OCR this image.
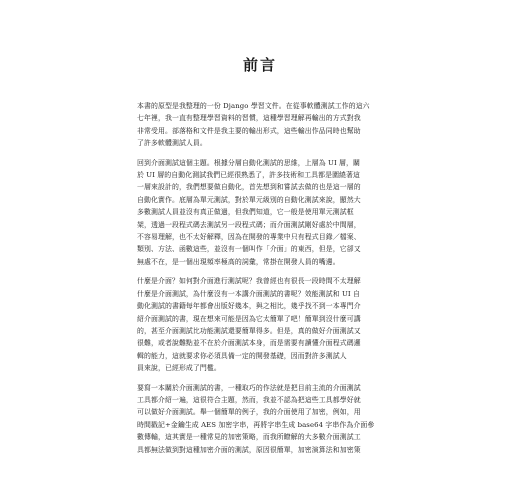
前言

本書的原型是我整理的一份 Django 學習文件。在從事軟體測試工作的這六
七年裡，我一直有整理學習資料的習慣，這種學習理解再輸出的方式對我
非常受用。部落格和文件是我主要的輸出形式，這些輸出作品同時也幫助
了許多軟體測試人員。

回到介面測試這個主題。根據分層自動化測試的思維，上層為 UI 層，關
於 UI 層的自動化測試我們已經很熟悉了，許多技術和工具都是圍繞著這
一層來設計的，我們想要做自動化，首先想到和嘗試去做的也是這一層的
自動化實作。底層為單元測試，對於單元級別的自動化測試來說，顯然大
多數測試人員並沒有真正做過，但我們知道，它一般是使用單元測試框
架，透過一段程式碼去測試另一段程式碼；而介面測試剛好處於中間層，
不容易理解，也不太好解釋，因為在開發的專業中只有程式目錄／檔案、
類別、方法、函數這些，並沒有一個叫作「介面」的東西，但是，它卻又
無處不在，是一個出現頻率極高的詞彙，常掛在開發人員的嘴邊。

什麼是介面？如何對介面進行測試呢？我曾經也有很長一段時間不太理解
什麼是介面測試，為什麼沒有一本講介面測試的書呢？效能測試和 UI 自
動化測試的書籍每年都會出版好幾本，與之相比，幾乎找不到一本專門介
紹介面測試的書，現在想來可能是因為它太簡單了吧！簡單到沒什麼可講
的，甚至介面測試比功能測試還要簡單得多。但是，真的做好介面測試又
很難，或者說難點並不在於介面測試本身，而是需要有讀懂介面程式碼邏
輯的能力，這就要求你必須具備一定的開發基礎，因而對許多測試人
員來說，已經形成了門檻。

要寫一本關於介面測試的書，一種取巧的作法就是把目前主流的介面測試
工具都介紹一遍，這很符合主題，然而，我並不認為把這些工具都學好就
可以做好介面測試。舉一個簡單的例子，我的介面使用了加密，例如，用
時間戳記+金鑰生成 AES 加密字串，再將字串生成 base64 字串作為介面參
數傳輸，這其實是一種常見的加密策略，而我所瞭解的大多數介面測試工
具都無法做到對這種加密介面的測試，原因很簡單，加密演算法和加密策
